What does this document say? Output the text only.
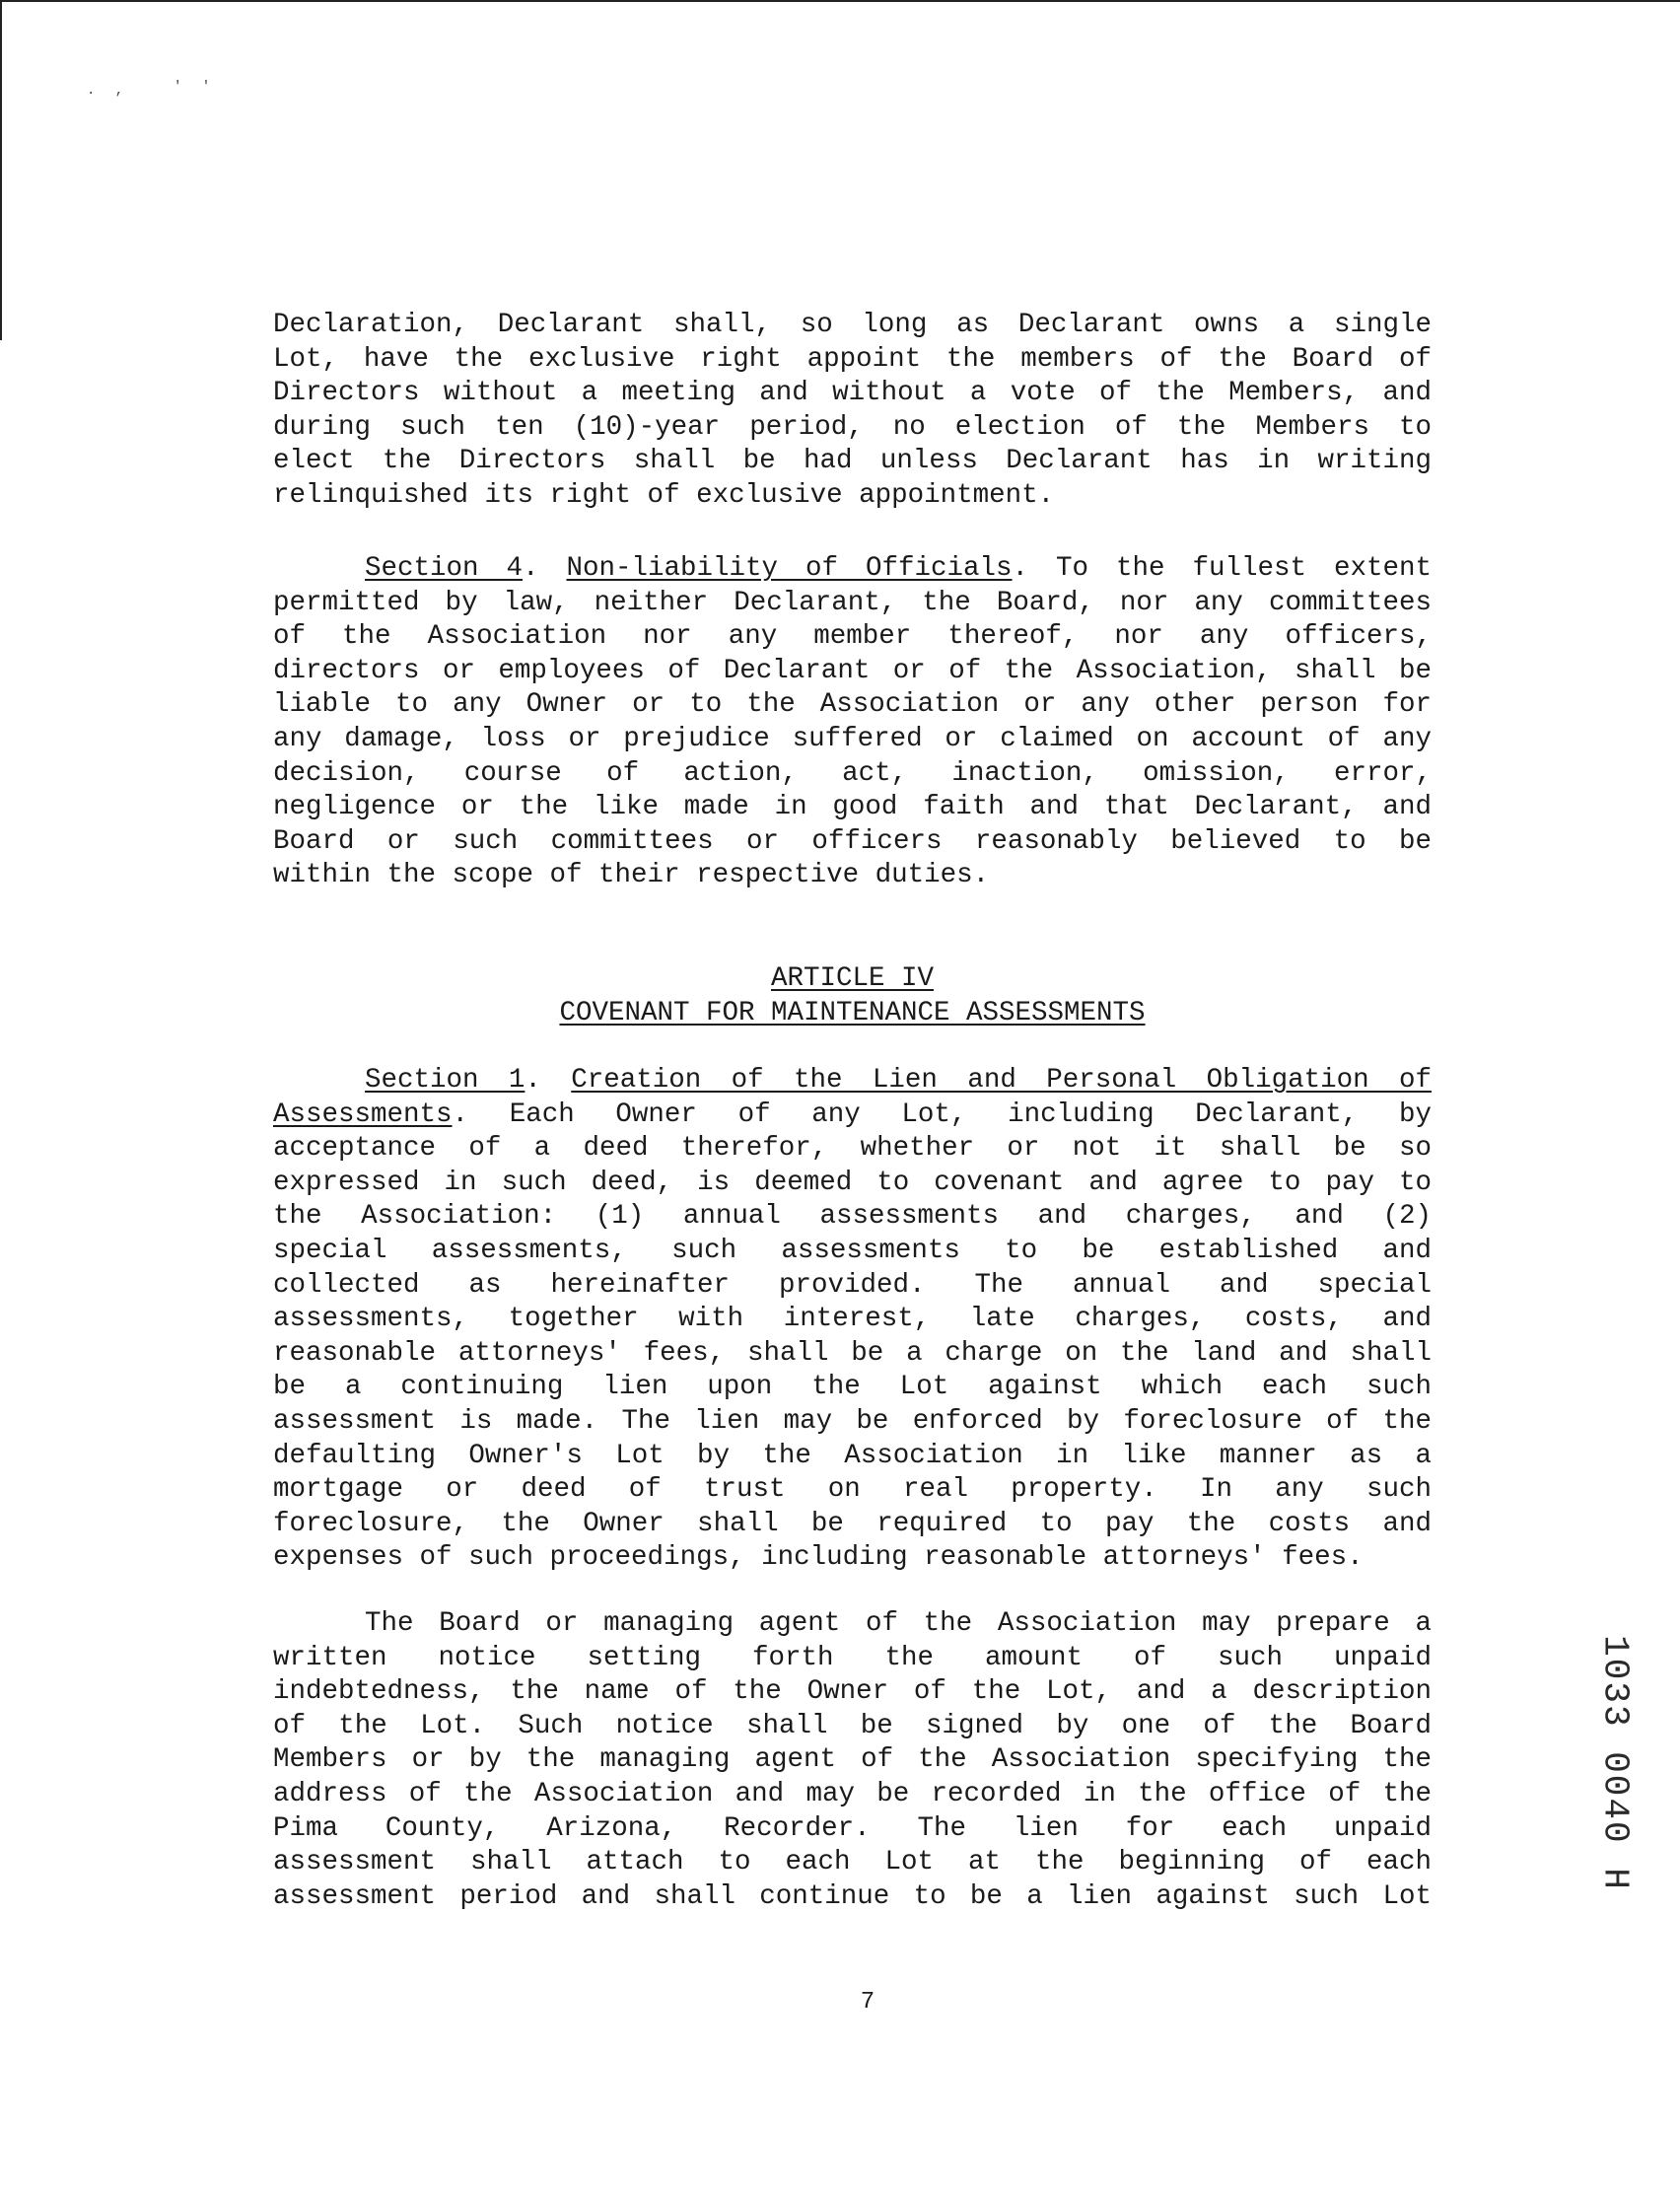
. ,	' '
Declaration, Declarant shall, so long as Declarant owns a single
Lot, have the exclusive right appoint the members of the Board of
Directors without a meeting and without a vote of the Members, and
during such ten (10)-year period, no election of the Members to
elect the Directors shall be had unless Declarant has in writing
relinquished its right of exclusive appointment.
Section 4. Non-liability of Officials. To the fullest extent
permitted by law, neither Declarant, the Board, nor any committees
of the Association nor any member thereof, nor any officers,
directors or employees of Declarant or of the Association, shall be
liable to any Owner or to the Association or any other person for
any damage, loss or prejudice suffered or claimed on account of any
decision, course of action, act, inaction, omission, error,
negligence or the like made in good faith and that Declarant, and
Board or such committees or officers reasonably believed to be
within the scope of their respective duties.
ARTICLE IV
COVENANT FOR MAINTENANCE ASSESSMENTS
Section 1. Creation of the Lien and Personal Obligation of
Assessments. Each Owner of any Lot, including Declarant, by
acceptance of a deed therefor, whether or not it shall be so
expressed in such deed, is deemed to covenant and agree to pay to
the Association: (1) annual assessments and charges, and (2)
special assessments, such assessments to be established and
collected as hereinafter provided. The annual and special
assessments, together with interest, late charges, costs, and
reasonable attorneys' fees, shall be a charge on the land and shall
be a continuing lien upon the Lot against which each such
assessment is made. The lien may be enforced by foreclosure of the
defaulting Owner's Lot by the Association in like manner as a
mortgage or deed of trust on real property. In any such
foreclosure, the Owner shall be required to pay the costs and
expenses of such proceedings, including reasonable attorneys' fees.
The Board or managing agent of the Association may prepare a
written notice setting forth the amount of such unpaid
indebtedness, the name of the Owner of the Lot, and a description
of the Lot. Such notice shall be signed by one of the Board
Members or by the managing agent of the Association specifying the
address of the Association and may be recorded in the office of the
Pima County, Arizona, Recorder. The lien for each unpaid
assessment shall attach to each Lot at the beginning of each
assessment period and shall continue to be a lien against such Lot
7
1033 0040 H
